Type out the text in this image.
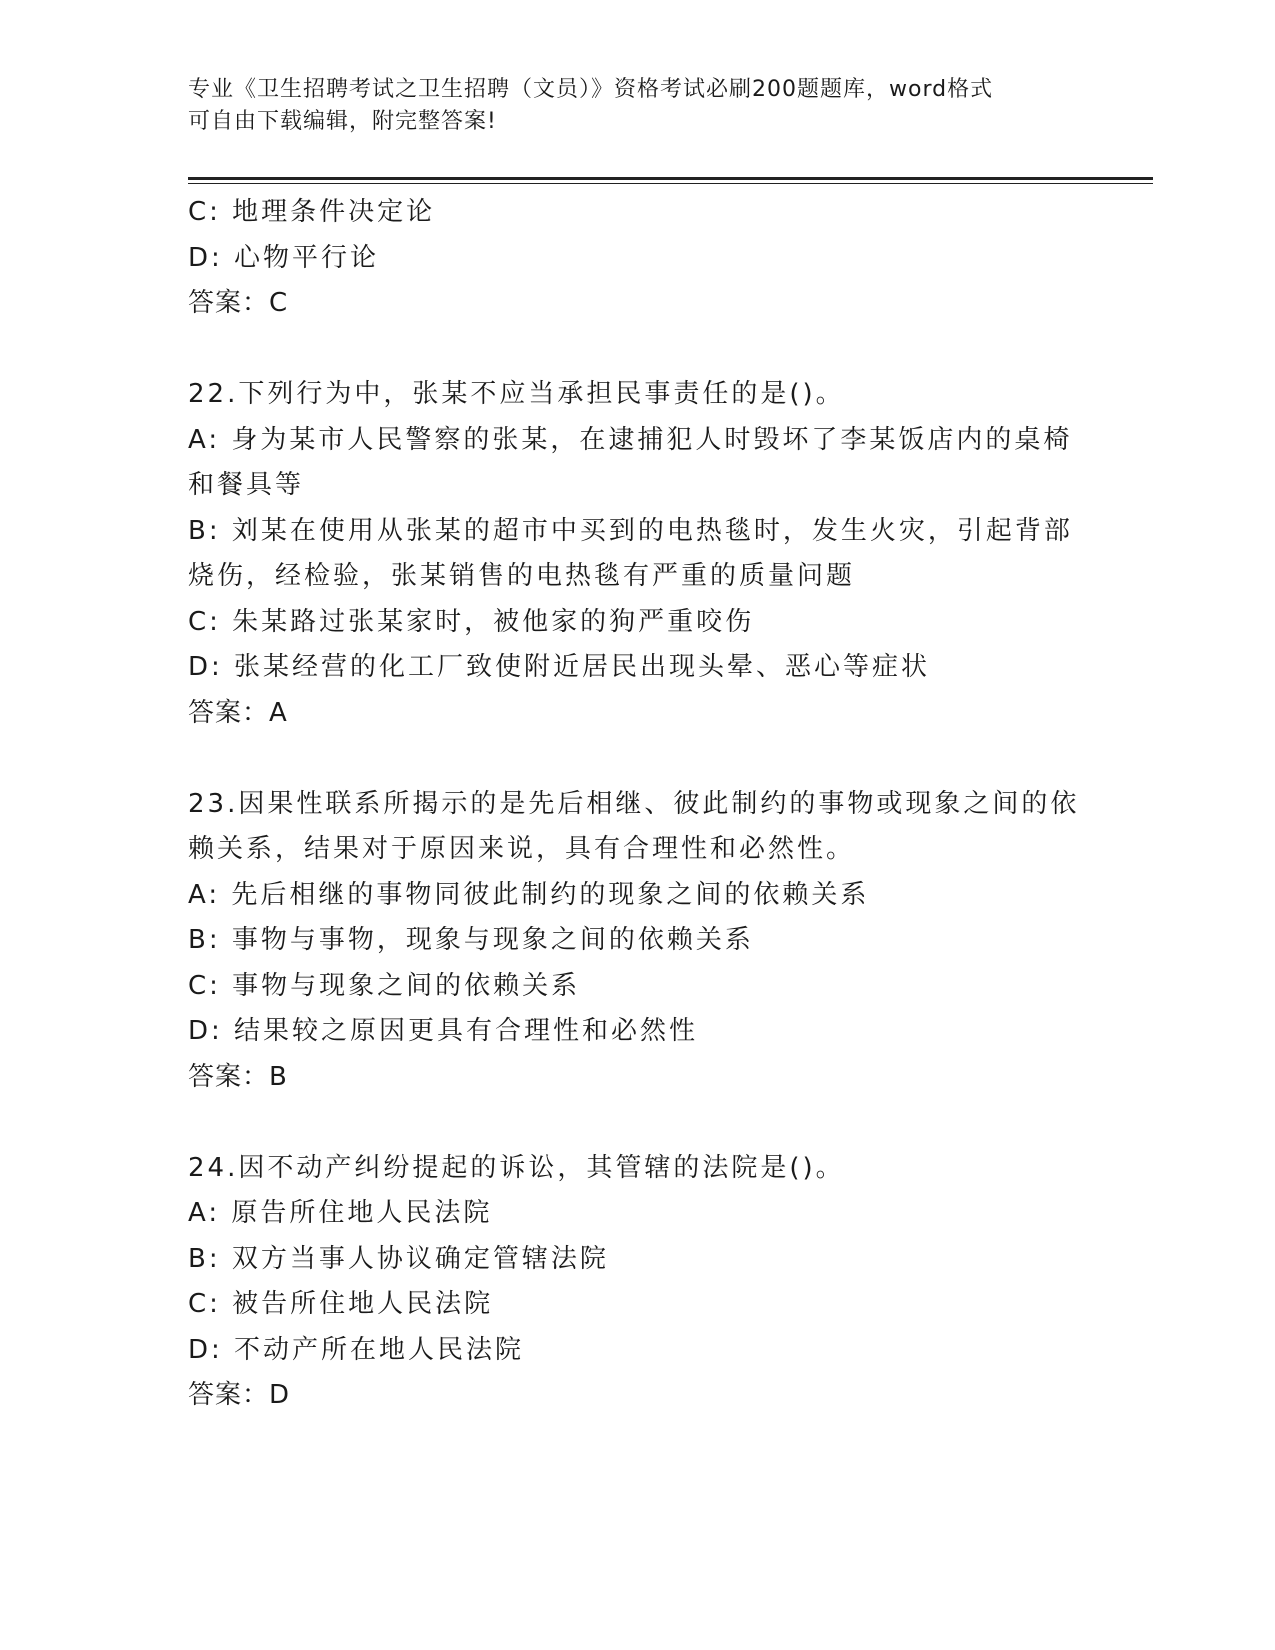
专业《卫生招聘考试之卫生招聘（文员）》资格考试必刷200题题库，word格式
可自由下载编辑，附完整答案!
C: 地理条件决定论
D: 心物平行论
答案：C
22.下列行为中，张某不应当承担民事责任的是()。
A: 身为某市人民警察的张某，在逮捕犯人时毁坏了李某饭店内的桌椅
和餐具等
B: 刘某在使用从张某的超市中买到的电热毯时，发生火灾，引起背部
烧伤，经检验，张某销售的电热毯有严重的质量问题
C: 朱某路过张某家时，被他家的狗严重咬伤
D: 张某经营的化工厂致使附近居民出现头晕、恶心等症状
答案：A
23.因果性联系所揭示的是先后相继、彼此制约的事物或现象之间的依
赖关系，结果对于原因来说，具有合理性和必然性。
A: 先后相继的事物同彼此制约的现象之间的依赖关系
B: 事物与事物，现象与现象之间的依赖关系
C: 事物与现象之间的依赖关系
D: 结果较之原因更具有合理性和必然性
答案：B
24.因不动产纠纷提起的诉讼，其管辖的法院是()。
A: 原告所住地人民法院
B: 双方当事人协议确定管辖法院
C: 被告所住地人民法院
D: 不动产所在地人民法院
答案：D
